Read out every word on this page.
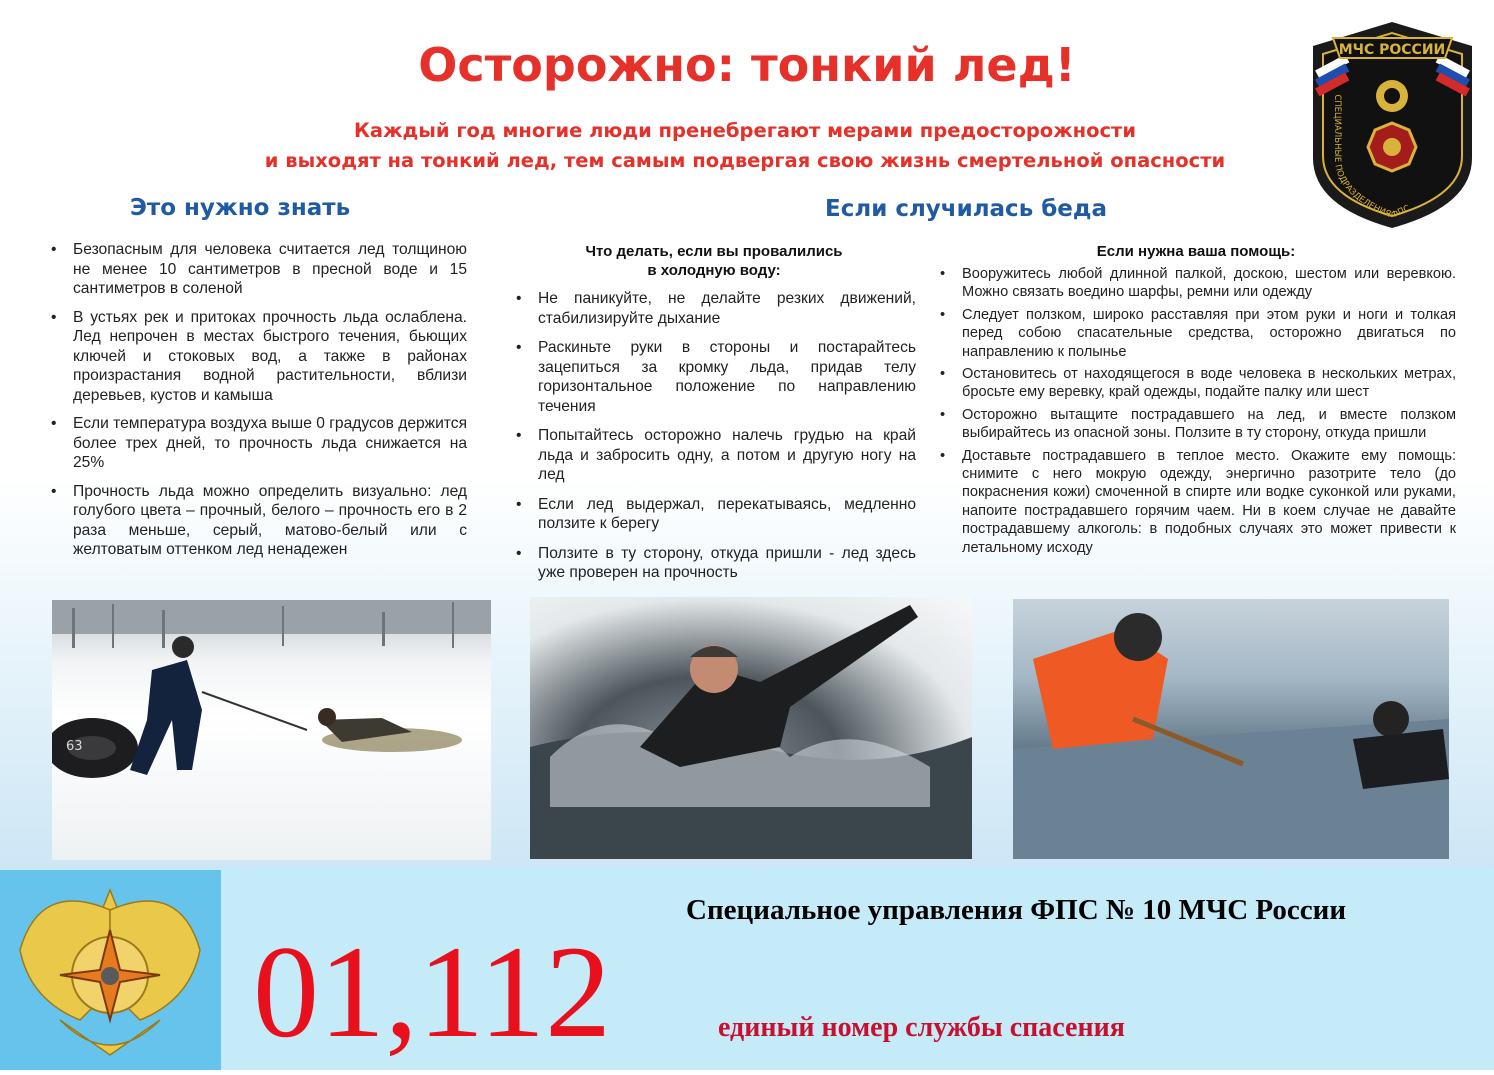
Осторожно: тонкий лед!
Каждый год многие люди пренебрегают мерами предосторожности
и выходят на тонкий лед, тем самым подвергая свою жизнь смертельной опасности
МЧС РОССИИ
СПЕЦИАЛЬНЫЕ ПОДРАЗДЕЛЕНИЯ ФПС
Это нужно знать	Если случилась беда
• Безопасным для человека считается лед толщиною не менее 10 сантиметров в пресной воде и 15 сантиметров в соленой
• В устьях рек и притоках прочность льда ослаблена. Лед непрочен в местах быстрого течения, бьющих ключей и стоковых вод, а также в районах произрастания водной растительности, вблизи деревьев, кустов и камыша
• Если температура воздуха выше 0 градусов держится более трех дней, то прочность льда снижается на 25%
• Прочность льда можно определить визуально: лед голубого цвета – прочный, белого – прочность его в 2 раза меньше, серый, матово-белый или с желтоватым оттенком лед ненадежен
Что делать, если вы провалились
в холодную воду:
• Не паникуйте, не делайте резких движений, стабилизируйте дыхание
• Раскиньте руки в стороны и постарайтесь зацепиться за кромку льда, придав телу горизонтальное положение по направлению течения
• Попытайтесь осторожно налечь грудью на край льда и забросить одну, а потом и другую ногу на лед
• Если лед выдержал, перекатываясь, медленно ползите к берегу
• Ползите в ту сторону, откуда пришли - лед здесь уже проверен на прочность
Если нужна ваша помощь:
• Вооружитесь любой длинной палкой, доскою, шестом или веревкою. Можно связать воедино шарфы, ремни или одежду
• Следует ползком, широко расставляя при этом руки и ноги и толкая перед собою спасательные средства, осторожно двигаться по направлению к полынье
• Остановитесь от находящегося в воде человека в нескольких метрах, бросьте ему веревку, край одежды, подайте палку или шест
• Осторожно вытащите пострадавшего на лед, и вместе ползком выбирайтесь из опасной зоны. Ползите в ту сторону, откуда пришли
• Доставьте пострадавшего в теплое место. Окажите ему помощь: снимите с него мокрую одежду, энергично разотрите тело (до покраснения кожи) смоченной в спирте или водке суконкой или руками, напоите пострадавшего горячим чаем. Ни в коем случае не давайте пострадавшему алкоголь: в подобных случаях это может привести к летальному исходу
63
01,112
Специальное управления ФПС № 10 МЧС России
единый номер службы спасения
